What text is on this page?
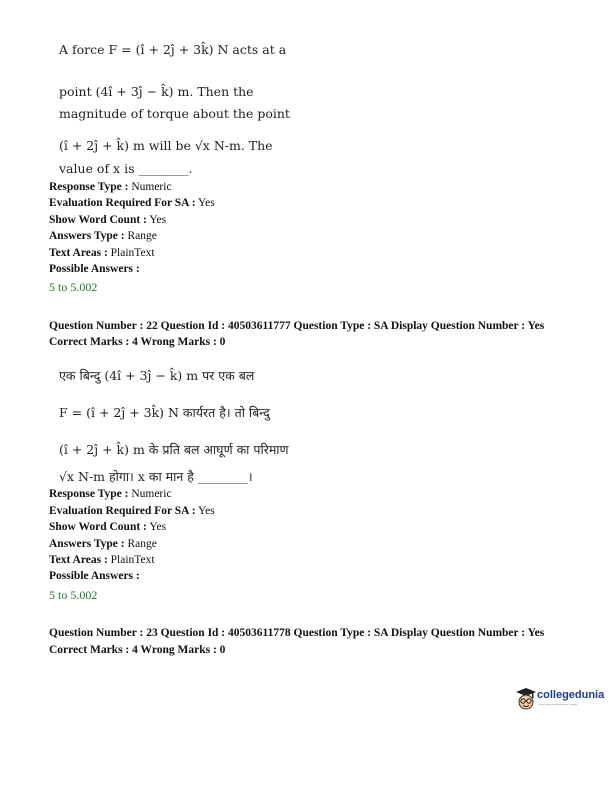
A force F = (î + 2ĵ + 3k̂) N acts at a
point (4î + 3ĵ − k̂) m. Then the
magnitude of torque about the point
(î + 2ĵ + k̂) m will be √x N-m. The
value of x is ________.
Response Type : Numeric
Evaluation Required For SA : Yes
Show Word Count : Yes
Answers Type : Range
Text Areas : PlainText
Possible Answers :
5 to 5.002
Question Number : 22 Question Id : 40503611777 Question Type : SA Display Question Number : Yes
Correct Marks : 4 Wrong Marks : 0
एक बिन्दु (4î + 3ĵ − k̂) m पर एक बल
F = (î + 2ĵ + 3k̂) N कार्यरत है। तो बिन्दु
(î + 2ĵ + k̂) m के प्रति बल आघूर्ण का परिमाण
√x N-m होगा। x का मान है ________।
Response Type : Numeric
Evaluation Required For SA : Yes
Show Word Count : Yes
Answers Type : Range
Text Areas : PlainText
Possible Answers :
5 to 5.002
Question Number : 23 Question Id : 40503611778 Question Type : SA Display Question Number : Yes
Correct Marks : 4 Wrong Marks : 0
collegedunia
India's largest Student Review Platform
